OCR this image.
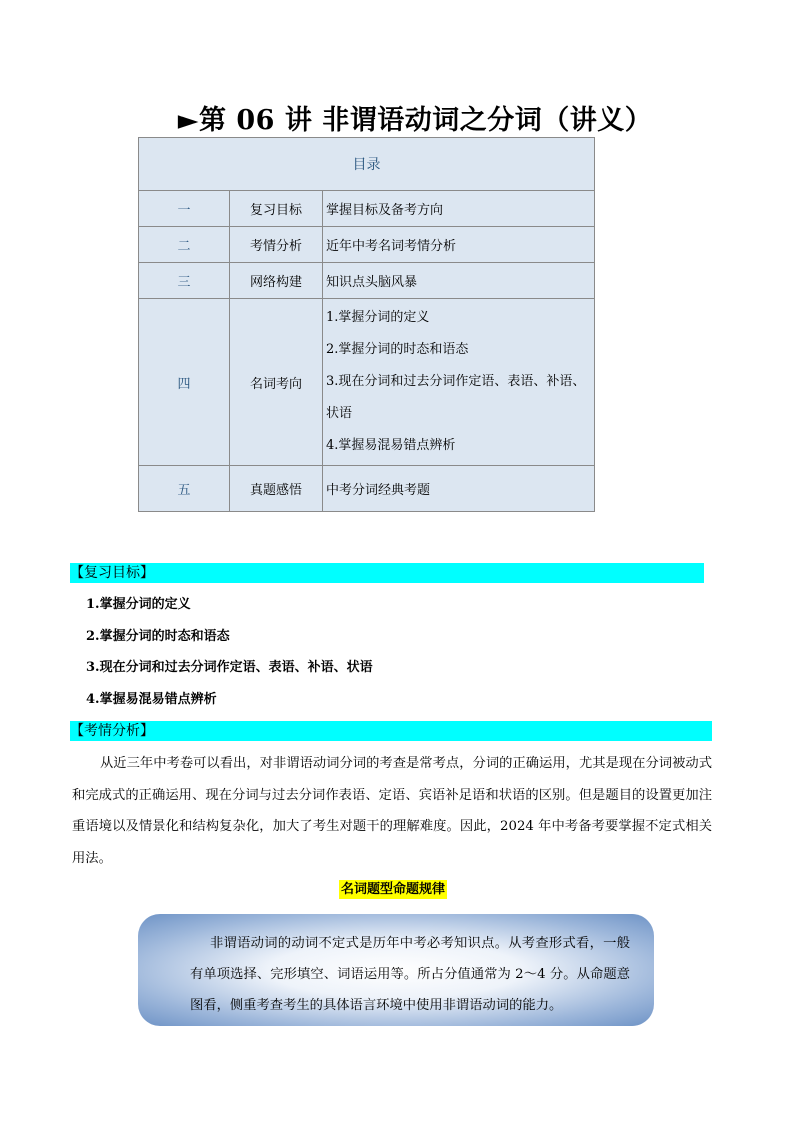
►第 06 讲 非谓语动词之分词（讲义）
目录		
一	复习目标	掌握目标及备考方向
二	考情分析	近年中考名词考情分析
三	网络构建	知识点头脑风暴
四	名词考向	1.掌握分词的定义
2.掌握分词的时态和语态
3.现在分词和过去分词作定语、表语、补语、
状语
4.掌握易混易错点辨析

五	真题感悟	中考分词经典考题
【复习目标】
1.掌握分词的定义
2.掌握分词的时态和语态
3.现在分词和过去分词作定语、表语、补语、状语
4.掌握易混易错点辨析
【考情分析】
从近三年中考卷可以看出，对非谓语动词分词的考查是常考点，分词的正确运用，尤其是现在分词被动式和完成式的正确运用、现在分词与过去分词作表语、定语、宾语补足语和状语的区别。但是题目的设置更加注重语境以及情景化和结构复杂化，加大了考生对题干的理解难度。因此，2024 年中考备考要掌握不定式相关用法。
名词题型命题规律

非谓语动词的动词不定式是历年中考必考知识点。从考查形式看，一般有单项选择、完形填空、词语运用等。所占分值通常为 2～4 分。从命题意图看，侧重考查考生的具体语言环境中使用非谓语动词的能力。
